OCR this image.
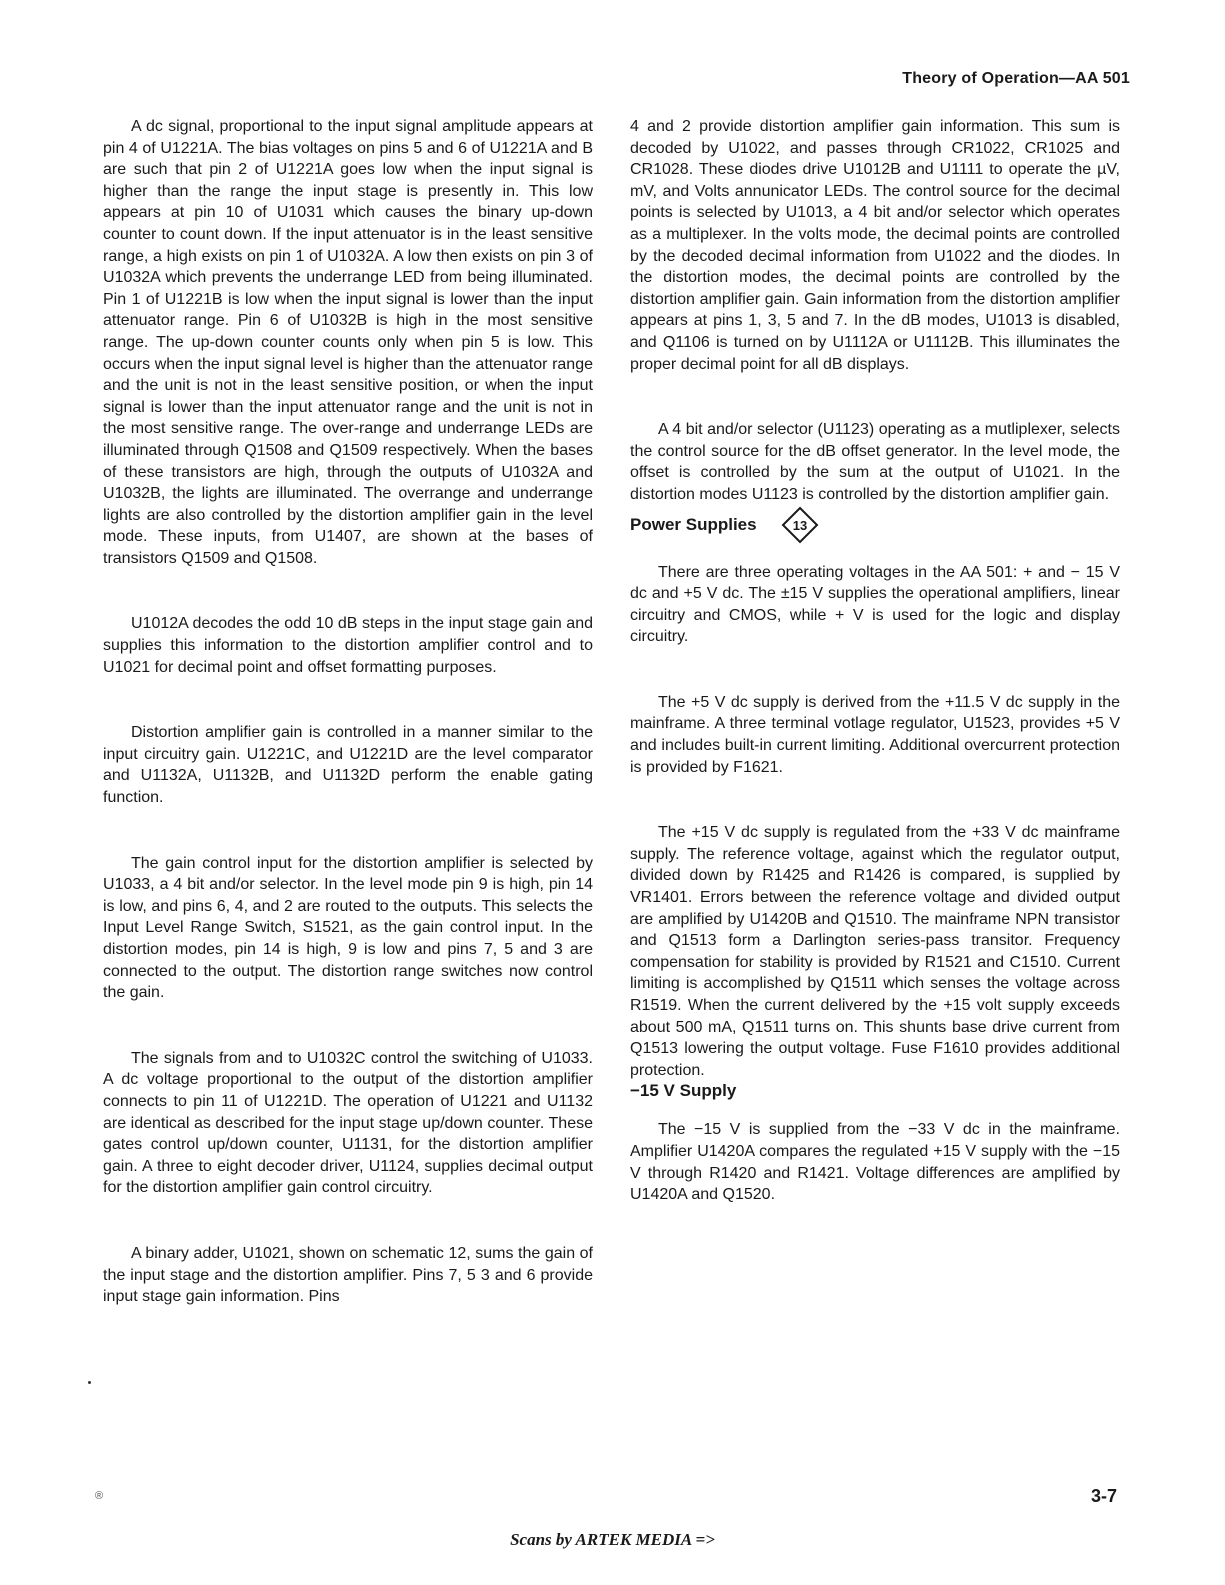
Theory of Operation—AA 501

A dc signal, proportional to the input signal amplitude appears at pin 4 of U1221A. The bias voltages on pins 5 and 6 of U1221A and B are such that pin 2 of U1221A goes low when the input signal is higher than the range the input stage is presently in. This low appears at pin 10 of U1031 which causes the binary up-down counter to count down. If the input attenuator is in the least sensitive range, a high exists on pin 1 of U1032A. A low then exists on pin 3 of U1032A which prevents the underrange LED from being illuminated. Pin 1 of U1221B is low when the input signal is lower than the input attenuator range. Pin 6 of U1032B is high in the most sensitive range. The up-down counter counts only when pin 5 is low. This occurs when the input signal level is higher than the attenuator range and the unit is not in the least sensitive position, or when the input signal is lower than the input attenuator range and the unit is not in the most sensitive range. The over-range and underrange LEDs are illuminated through Q1508 and Q1509 respectively. When the bases of these transistors are high, through the outputs of U1032A and U1032B, the lights are illuminated. The overrange and underrange lights are also controlled by the distortion amplifier gain in the level mode. These inputs, from U1407, are shown at the bases of transistors Q1509 and Q1508.

U1012A decodes the odd 10 dB steps in the input stage gain and supplies this information to the distortion amplifier control and to U1021 for decimal point and offset formatting purposes.

Distortion amplifier gain is controlled in a manner similar to the input circuitry gain. U1221C, and U1221D are the level comparator and U1132A, U1132B, and U1132D perform the enable gating function.

The gain control input for the distortion amplifier is selected by U1033, a 4 bit and/or selector. In the level mode pin 9 is high, pin 14 is low, and pins 6, 4, and 2 are routed to the outputs. This selects the Input Level Range Switch, S1521, as the gain control input. In the distortion modes, pin 14 is high, 9 is low and pins 7, 5 and 3 are connected to the output. The distortion range switches now control the gain.

The signals from and to U1032C control the switching of U1033. A dc voltage proportional to the output of the distortion amplifier connects to pin 11 of U1221D. The operation of U1221 and U1132 are identical as described for the input stage up/down counter. These gates control up/down counter, U1131, for the distortion amplifier gain. A three to eight decoder driver, U1124, supplies decimal output for the distortion amplifier gain control circuitry.

A binary adder, U1021, shown on schematic 12, sums the gain of the input stage and the distortion amplifier. Pins 7, 5 3 and 6 provide input stage gain information. Pins

4 and 2 provide distortion amplifier gain information. This sum is decoded by U1022, and passes through CR1022, CR1025 and CR1028. These diodes drive U1012B and U1111 to operate the µV, mV, and Volts annunicator LEDs. The control source for the decimal points is selected by U1013, a 4 bit and/or selector which operates as a multiplexer. In the volts mode, the decimal points are controlled by the decoded decimal information from U1022 and the diodes. In the distortion modes, the decimal points are controlled by the distortion amplifier gain. Gain information from the distortion amplifier appears at pins 1, 3, 5 and 7. In the dB modes, U1013 is disabled, and Q1106 is turned on by U1112A or U1112B. This illuminates the proper decimal point for all dB displays.

A 4 bit and/or selector (U1123) operating as a mutliplexer, selects the control source for the dB offset generator. In the level mode, the offset is controlled by the sum at the output of U1021. In the distortion modes U1123 is controlled by the distortion amplifier gain.

Power Supplies	13

There are three operating voltages in the AA 501: + and − 15 V dc and +5 V dc. The ±15 V supplies the operational amplifiers, linear circuitry and CMOS, while + V is used for the logic and display circuitry.

The +5 V dc supply is derived from the +11.5 V dc supply in the mainframe. A three terminal votlage regulator, U1523, provides +5 V and includes built-in current limiting. Additional overcurrent protection is provided by F1621.

The +15 V dc supply is regulated from the +33 V dc mainframe supply. The reference voltage, against which the regulator output, divided down by R1425 and R1426 is compared, is supplied by VR1401. Errors between the reference voltage and divided output are amplified by U1420B and Q1510. The mainframe NPN transistor and Q1513 form a Darlington series-pass transitor. Frequency compensation for stability is provided by R1521 and C1510. Current limiting is accomplished by Q1511 which senses the voltage across R1519. When the current delivered by the +15 volt supply exceeds about 500 mA, Q1511 turns on. This shunts base drive current from Q1513 lowering the output voltage. Fuse F1610 provides additional protection.

−15 V Supply

The −15 V is supplied from the −33 V dc in the mainframe. Amplifier U1420A compares the regulated +15 V supply with the −15 V through R1420 and R1421. Voltage differences are amplified by U1420A and Q1520.

®	3-7
Scans by ARTEK MEDIA =>
